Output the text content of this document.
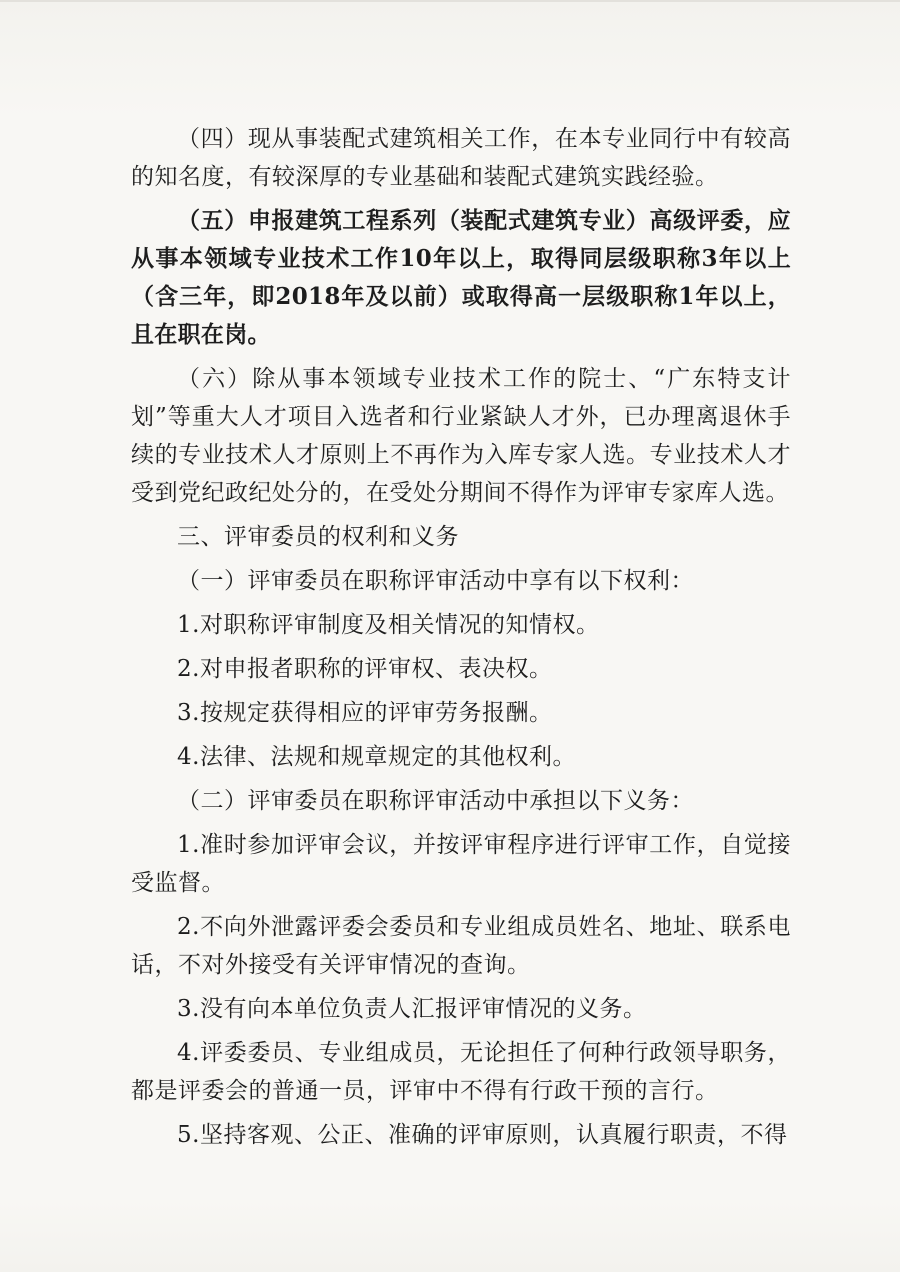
（四）现从事装配式建筑相关工作，在本专业同行中有较高的知名度，有较深厚的专业基础和装配式建筑实践经验。

（五）申报建筑工程系列（装配式建筑专业）高级评委，应从事本领域专业技术工作10年以上，取得同层级职称3年以上（含三年，即2018年及以前）或取得高一层级职称1年以上，且在职在岗。

（六）除从事本领域专业技术工作的院士、“广东特支计划”等重大人才项目入选者和行业紧缺人才外，已办理离退休手续的专业技术人才原则上不再作为入库专家人选。专业技术人才受到党纪政纪处分的，在受处分期间不得作为评审专家库人选。

三、评审委员的权利和义务

（一）评审委员在职称评审活动中享有以下权利：

1.对职称评审制度及相关情况的知情权。

2.对申报者职称的评审权、表决权。

3.按规定获得相应的评审劳务报酬。

4.法律、法规和规章规定的其他权利。

（二）评审委员在职称评审活动中承担以下义务：

1.准时参加评审会议，并按评审程序进行评审工作，自觉接受监督。

2.不向外泄露评委会委员和专业组成员姓名、地址、联系电话，不对外接受有关评审情况的查询。

3.没有向本单位负责人汇报评审情况的义务。

4.评委委员、专业组成员，无论担任了何种行政领导职务，都是评委会的普通一员，评审中不得有行政干预的言行。

5.坚持客观、公正、准确的评审原则，认真履行职责，不得
